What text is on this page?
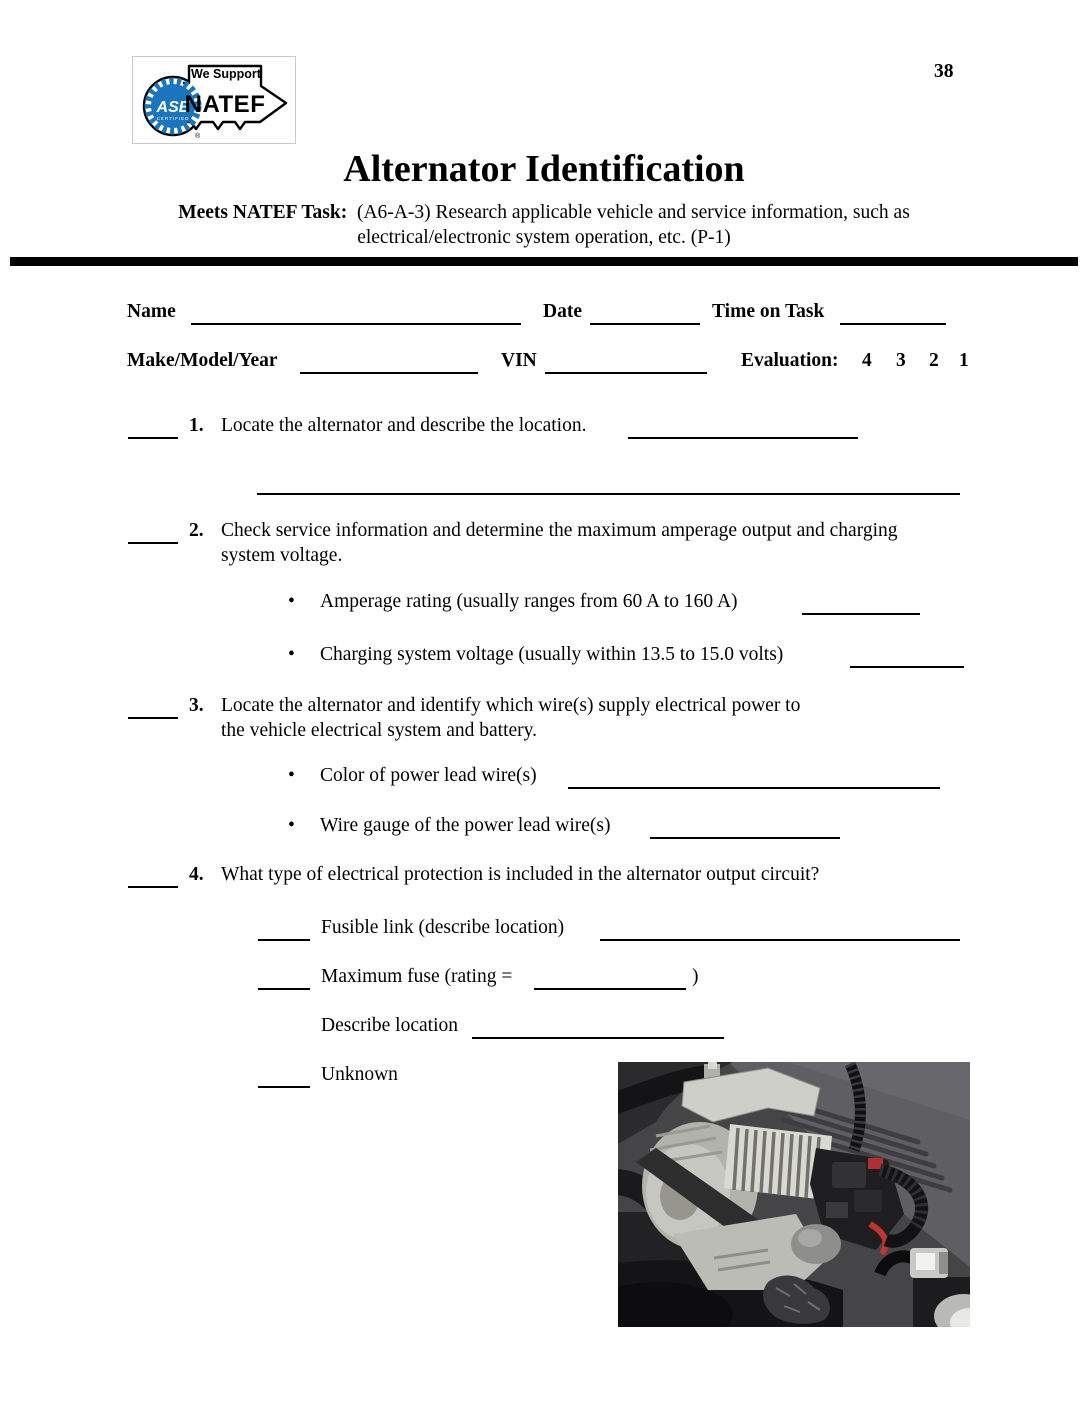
ASE
CERTIFIED
We Support
NATEF
®
38
Alternator Identification
Meets NATEF Task: (A6-A-3) Research applicable vehicle and service information, such as
electrical/electronic system operation, etc. (P-1)
Name	Date	Time on Task
Make/Model/Year	VIN	Evaluation: 4 3 2 1
1. Locate the alternator and describe the location.
2. Check service information and determine the maximum amperage output and charging
system voltage.
• Amperage rating (usually ranges from 60 A to 160 A)
• Charging system voltage (usually within 13.5 to 15.0 volts)
3. Locate the alternator and identify which wire(s) supply electrical power to
the vehicle electrical system and battery.
• Color of power lead wire(s)
• Wire gauge of the power lead wire(s)
4. What type of electrical protection is included in the alternator output circuit?
Fusible link (describe location)
Maximum fuse (rating =	)
Describe location
Unknown
